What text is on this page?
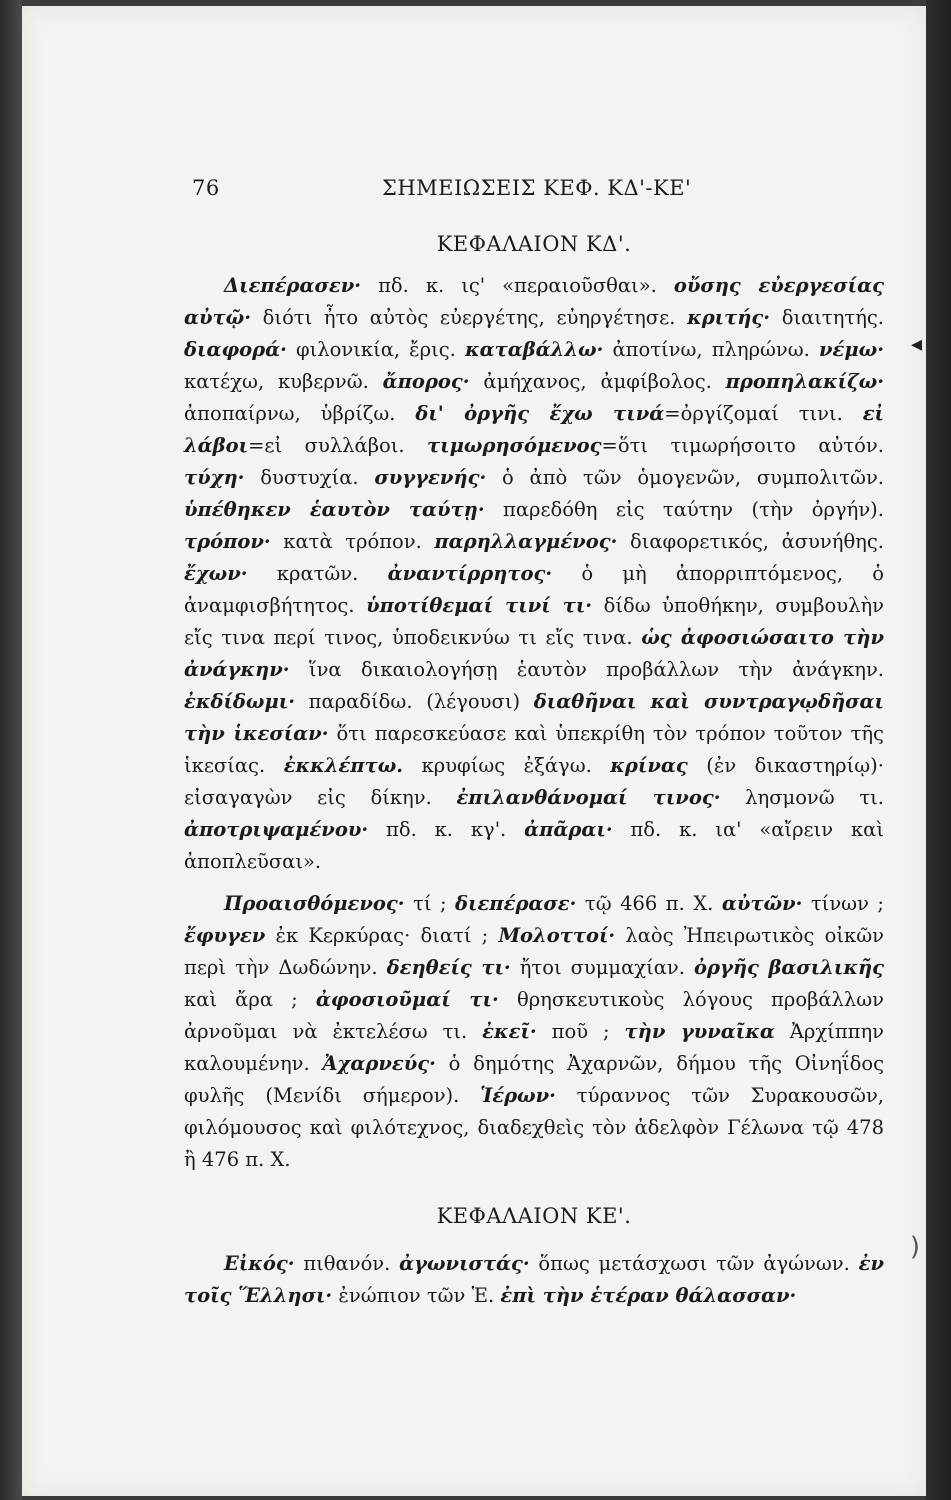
76	ΣΗΜΕΙΩΣΕΙΣ ΚΕΦ. ΚΔ'-ΚΕ'
ΚΕΦΑΛΑΙΟΝ ΚΔ'.

Διεπέρασεν· πδ. κ. ις' «περαιοῦσθαι». οὔσης εὐεργεσίας αὐτῷ· διότι ἦτο αὐτὸς εὐεργέτης, εὐηργέτησε. κριτής· διαιτητής. διαφορά· φιλονικία, ἔρις. καταβάλλω· ἀποτίνω, πληρώνω. νέμω· κατέχω, κυβερνῶ. ἄπορος· ἀμήχανος, ἀμφίβολος. προπηλακίζω· ἀποπαίρνω, ὑβρίζω. δι' ὀργῆς ἔχω τινά=ὀργίζομαί τινι. εἰ λάβοι=εἰ συλλάβοι. τιμωρησόμενος=ὅτι τιμωρήσοιτο αὐτόν. τύχη· δυστυχία. συγγενής· ὁ ἀπὸ τῶν ὁμογενῶν, συμπολιτῶν. ὑπέθηκεν ἑαυτὸν ταύτῃ· παρεδόθη εἰς ταύτην (τὴν ὀργήν). τρόπον· κατὰ τρόπον. παρηλλαγμένος· διαφορετικός, ἀσυνήθης. ἔχων· κρατῶν. ἀναντίρρητος· ὁ μὴ ἀπορριπτόμενος, ὁ ἀναμφισβήτητος. ὑποτίθεμαί τινί τι· δίδω ὑποθήκην, συμβουλὴν εἴς τινα περί τινος, ὑποδεικνύω τι εἴς τινα. ὡς ἀφοσιώσαιτο τὴν ἀνάγκην· ἵνα δικαιολογήσῃ ἑαυτὸν προβάλλων τὴν ἀνάγκην. ἐκδίδωμι· παραδίδω. (λέγουσι) διαθῆναι καὶ συντραγῳδῆσαι τὴν ἱκεσίαν· ὅτι παρεσκεύασε καὶ ὑπεκρίθη τὸν τρόπον τοῦτον τῆς ἱκεσίας. ἐκκλέπτω. κρυφίως ἐξάγω. κρίνας (ἐν δικαστηρίῳ)· εἰσαγαγὼν εἰς δίκην. ἐπιλανθάνομαί τινος· λησμονῶ τι. ἀποτριψαμένου· πδ. κ. κγ'. ἀπᾶραι· πδ. κ. ια' «αἴρειν καὶ ἀποπλεῦσαι».

Προαισθόμενος· τί ; διεπέρασε· τῷ 466 π. Χ. αὐτῶν· τίνων ; ἔφυγεν ἐκ Κερκύρας· διατί ; Μολοττοί· λαὸς Ἠπειρωτικὸς οἰκῶν περὶ τὴν Δωδώνην. δεηθείς τι· ἤτοι συμμαχίαν. ὀργῆς βασιλικῆς καὶ ἄρα ; ἀφοσιοῦμαί τι· θρησκευτικοὺς λόγους προβάλλων ἀρνοῦμαι νὰ ἐκτελέσω τι. ἐκεῖ· ποῦ ; τὴν γυναῖκα Ἀρχίππην καλουμένην. Ἀχαρνεύς· ὁ δημότης Ἀχαρνῶν, δήμου τῆς Οἰνηΐδος φυλῆς (Μενίδι σήμερον). Ἱέρων· τύραννος τῶν Συρακουσῶν, φιλόμουσος καὶ φιλότεχνος, διαδεχθεὶς τὸν ἀδελφὸν Γέλωνα τῷ 478 ἢ 476 π. Χ.

ΚΕΦΑΛΑΙΟΝ ΚΕ'.

Εἰκός· πιθανόν. ἀγωνιστάς· ὅπως μετάσχωσι τῶν ἀγώνων. ἐν τοῖς Ἕλλησι· ἐνώπιον τῶν Ἑ. ἐπὶ τὴν ἑτέραν θάλασσαν·

◂
)
